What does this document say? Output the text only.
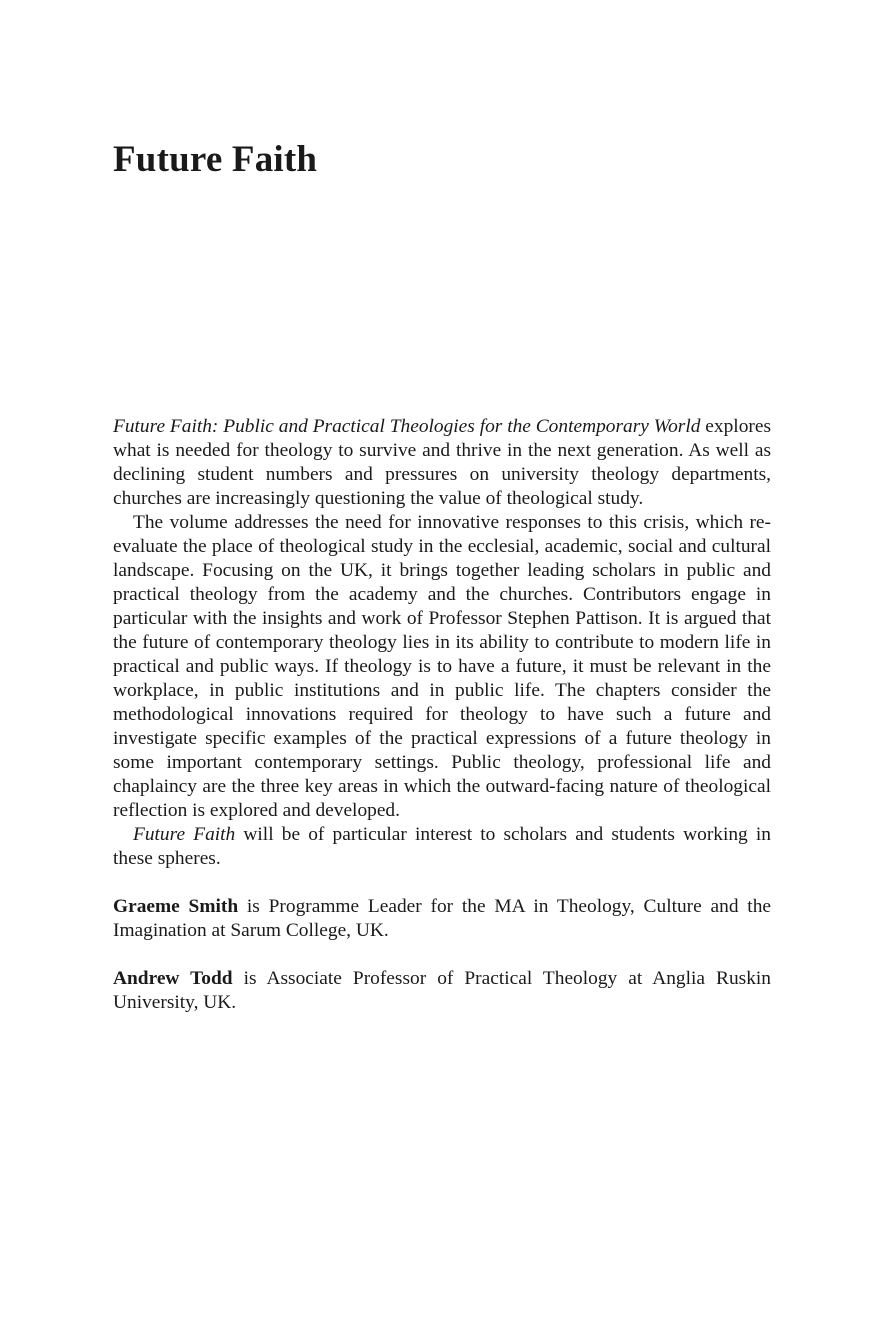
Future Faith

Future Faith: Public and Practical Theologies for the Contemporary World explores what is needed for theology to survive and thrive in the next generation. As well as declining student numbers and pressures on university theology departments, churches are increasingly questioning the value of theological study.

The volume addresses the need for innovative responses to this crisis, which re-evaluate the place of theological study in the ecclesial, academic, social and cultural landscape. Focusing on the UK, it brings together leading scholars in public and practical theology from the academy and the churches. Contributors engage in particular with the insights and work of Professor Stephen Pattison. It is argued that the future of contemporary theology lies in its ability to contribute to modern life in practical and public ways. If theology is to have a future, it must be relevant in the workplace, in public institutions and in public life. The chapters consider the methodological innovations required for theology to have such a future and investigate specific examples of the practical expressions of a future theology in some important contemporary settings. Public theology, professional life and chaplaincy are the three key areas in which the outward-facing nature of theological reflection is explored and developed.

Future Faith will be of particular interest to scholars and students working in these spheres.

Graeme Smith is Programme Leader for the MA in Theology, Culture and the Imagination at Sarum College, UK.

Andrew Todd is Associate Professor of Practical Theology at Anglia Ruskin University, UK.
